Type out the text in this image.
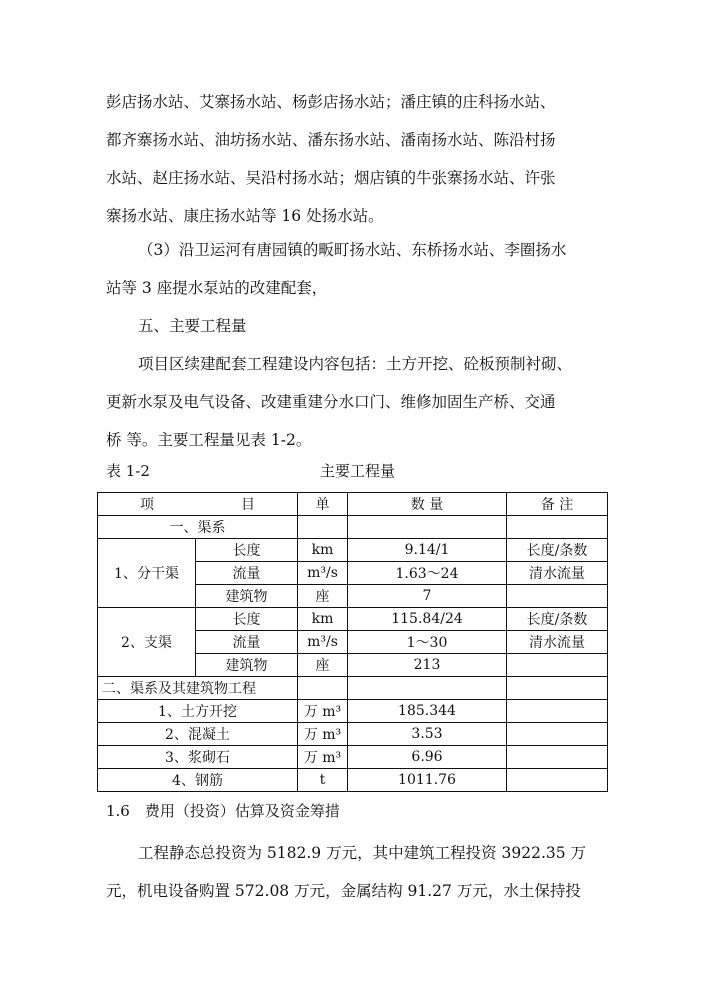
彭店扬水站、艾寨扬水站、杨彭店扬水站；潘庄镇的庄科扬水站、
都齐寨扬水站、油坊扬水站、潘东扬水站、潘南扬水站、陈沿村扬
水站、赵庄扬水站、吴沿村扬水站；烟店镇的牛张寨扬水站、许张
寨扬水站、康庄扬水站等 16 处扬水站。
（3）沿卫运河有唐园镇的畈町扬水站、东桥扬水站、李圈扬水
站等 3 座提水泵站的改建配套，
五、主要工程量
项目区续建配套工程建设内容包括：土方开挖、砼板预制衬砌、
更新水泵及电气设备、改建重建分水口门、维修加固生产桥、交通
桥 等。主要工程量见表 1-2。
表 1-2	主要工程量
项 目		单	数 量	备 注
一、渠系				
1、分干渠	长度	km	9.14/1	长度/条数
	流量	m³/s	1.63～24	清水流量
	建筑物	座	7	
2、支渠	长度	km	115.84/24	长度/条数
	流量	m³/s	1～30	清水流量
	建筑物	座	213	
二、渠系及其建筑物工程				
1、土方开挖		万 m³	185.344	
2、混凝土		万 m³	3.53	
3、浆砌石		万 m³	6.96	
4、钢筋		t	1011.76	
1.6　费用（投资）估算及资金筹措
工程静态总投资为 5182.9 万元，其中建筑工程投资 3922.35 万
元，机电设备购置 572.08 万元，金属结构 91.27 万元，水土保持投
